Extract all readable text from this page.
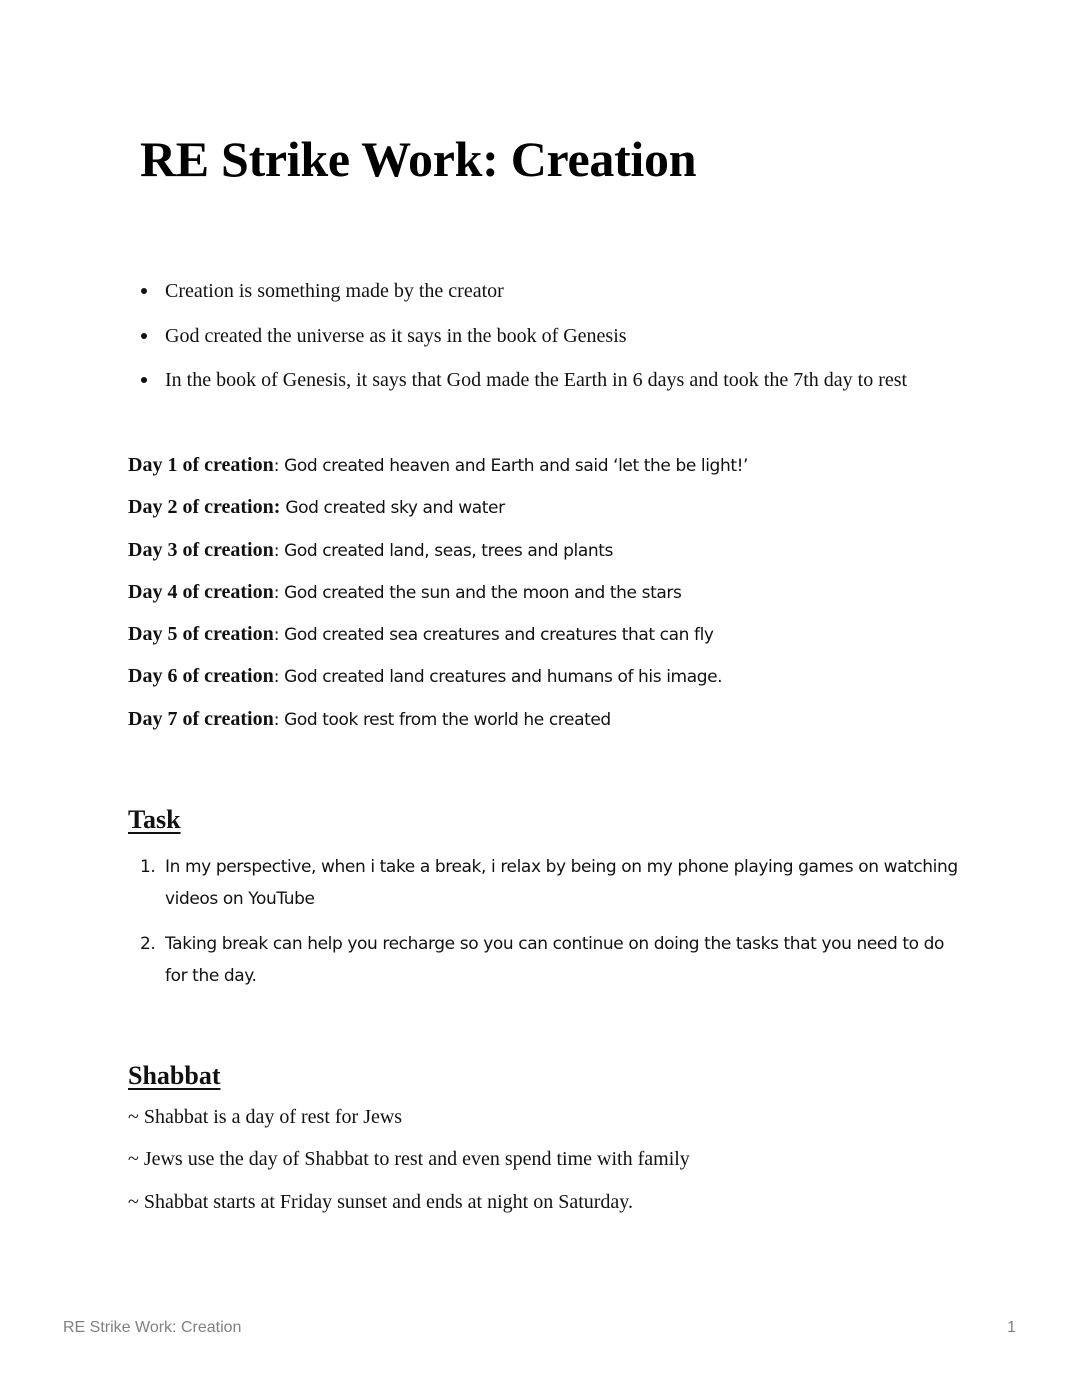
RE Strike Work: Creation
Creation is something made by the creator
God created the universe as it says in the book of Genesis
In the book of Genesis, it says that God made the Earth in 6 days and took the 7th day to rest
Day 1 of creation: God created heaven and Earth and said ‘let the be light!’
Day 2 of creation: God created sky and water
Day 3 of creation: God created land, seas, trees and plants
Day 4 of creation: God created the sun and the moon and the stars
Day 5 of creation: God created sea creatures and creatures that can fly
Day 6 of creation: God created land creatures and humans of his image.
Day 7 of creation: God took rest from the world he created
Task
1. In my perspective, when i take a break, i relax by being on my phone playing games on watching videos on YouTube
2. Taking break can help you recharge so you can continue on doing the tasks that you need to do for the day.
Shabbat
~ Shabbat is a day of rest for Jews
~ Jews use the day of Shabbat to rest and even spend time with family
~ Shabbat starts at Friday sunset and ends at night on Saturday.
RE Strike Work: Creation	1
